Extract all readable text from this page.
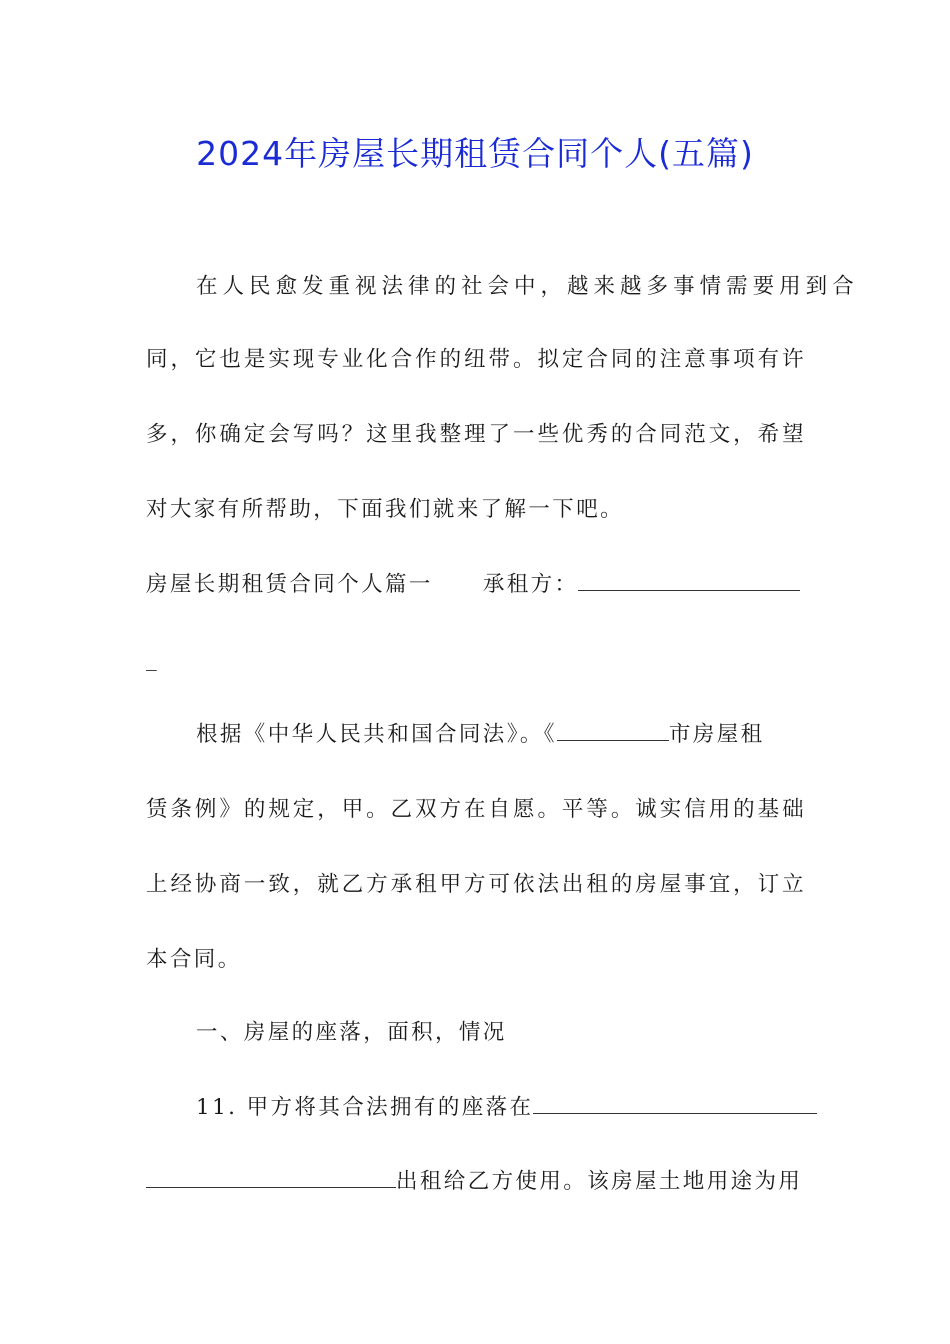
2024年房屋长期租赁合同个人(五篇)
在人民愈发重视法律的社会中，越来越多事情需要用到合
同，它也是实现专业化合作的纽带。拟定合同的注意事项有许
多，你确定会写吗？这里我整理了一些优秀的合同范文，希望
对大家有所帮助，下面我们就来了解一下吧。
房屋长期租赁合同个人篇一 承租方：
_
根据《中华人民共和国合同法》。《	市房屋租
赁条例》的规定，甲。乙双方在自愿。平等。诚实信用的基础
上经协商一致，就乙方承租甲方可依法出租的房屋事宜，订立
本合同。
一、房屋的座落，面积，情况
11. 甲方将其合法拥有的座落在
出租给乙方使用。该房屋土地用途为用
